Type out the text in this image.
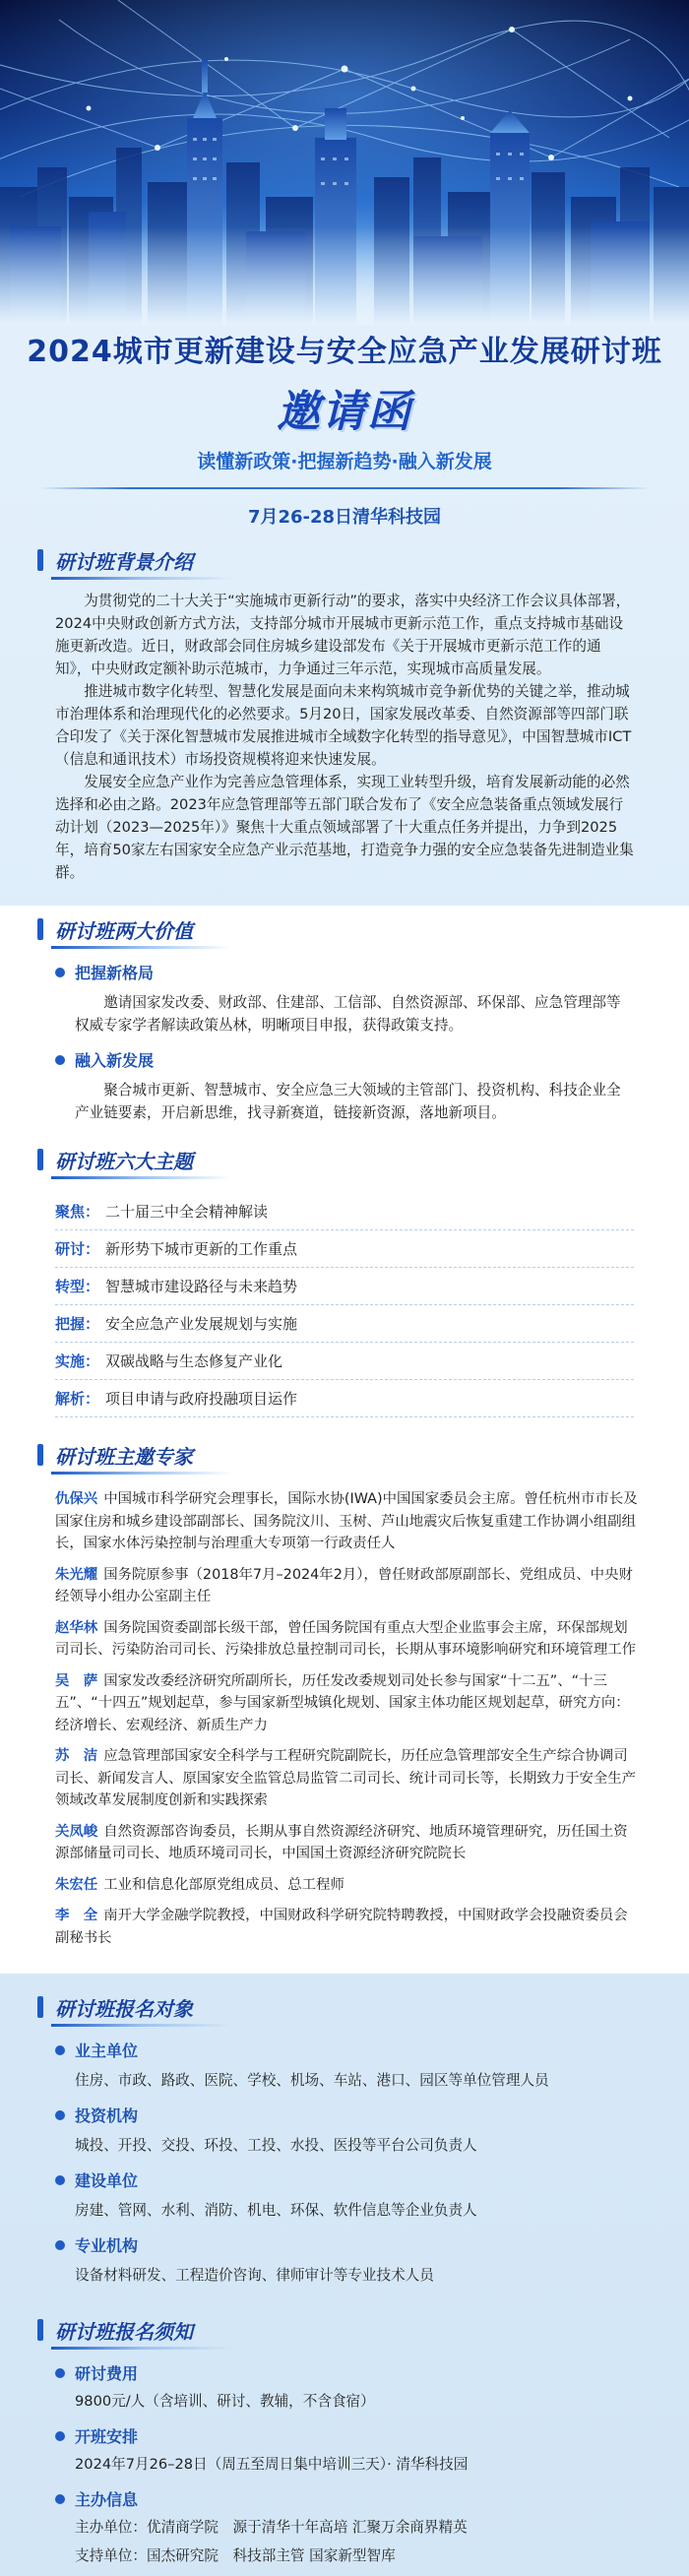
2024城市更新建设与安全应急产业发展研讨班
邀请函
读懂新政策·把握新趋势·融入新发展
7月26-28日清华科技园
研讨班背景介绍

为贯彻党的二十大关于“实施城市更新行动”的要求，落实中央经济工作会议具体部署，2024中央财政创新方式方法，支持部分城市开展城市更新示范工作，重点支持城市基础设施更新改造。近日，财政部会同住房城乡建设部发布《关于开展城市更新示范工作的通知》，中央财政定额补助示范城市，力争通过三年示范，实现城市高质量发展。

推进城市数字化转型、智慧化发展是面向未来构筑城市竞争新优势的关键之举，推动城市治理体系和治理现代化的必然要求。5月20日，国家发展改革委、自然资源部等四部门联合印发了《关于深化智慧城市发展推进城市全域数字化转型的指导意见》，中国智慧城市ICT（信息和通讯技术）市场投资规模将迎来快速发展。

发展安全应急产业作为完善应急管理体系，实现工业转型升级，培育发展新动能的必然选择和必由之路。2023年应急管理部等五部门联合发布了《安全应急装备重点领域发展行动计划（2023—2025年）》聚焦十大重点领域部署了十大重点任务并提出，力争到2025年，培育50家左右国家安全应急产业示范基地，打造竞争力强的安全应急装备先进制造业集群。

研讨班两大价值
把握新格局

邀请国家发改委、财政部、住建部、工信部、自然资源部、环保部、应急管理部等权威专家学者解读政策丛林，明晰项目申报，获得政策支持。

融入新发展

聚合城市更新、智慧城市、安全应急三大领域的主管部门、投资机构、科技企业全产业链要素，开启新思维，找寻新赛道，链接新资源，落地新项目。

研讨班六大主题
聚焦： 二十届三中全会精神解读
研讨： 新形势下城市更新的工作重点
转型： 智慧城市建设路径与未来趋势
把握： 安全应急产业发展规划与实施
实施： 双碳战略与生态修复产业化
解析： 项目申请与政府投融项目运作
研讨班主邀专家

仇保兴 中国城市科学研究会理事长，国际水协(IWA)中国国家委员会主席。曾任杭州市市长及国家住房和城乡建设部副部长、国务院汶川、玉树、芦山地震灾后恢复重建工作协调小组副组长，国家水体污染控制与治理重大专项第一行政责任人

朱光耀 国务院原参事（2018年7月–2024年2月），曾任财政部原副部长、党组成员、中央财经领导小组办公室副主任

赵华林 国务院国资委副部长级干部，曾任国务院国有重点大型企业监事会主席，环保部规划司司长、污染防治司司长、污染排放总量控制司司长，长期从事环境影响研究和环境管理工作

吴　萨 国家发改委经济研究所副所长，历任发改委规划司处长参与国家“十二五”、“十三五”、“十四五”规划起草，参与国家新型城镇化规划、国家主体功能区规划起草，研究方向：经济增长、宏观经济、新质生产力

苏　洁 应急管理部国家安全科学与工程研究院副院长，历任应急管理部安全生产综合协调司司长、新闻发言人、原国家安全监管总局监管二司司长、统计司司长等，长期致力于安全生产领域改革发展制度创新和实践探索

关凤峻 自然资源部咨询委员，长期从事自然资源经济研究、地质环境管理研究，历任国土资源部储量司司长、地质环境司司长，中国国土资源经济研究院院长

朱宏任 工业和信息化部原党组成员、总工程师

李　全 南开大学金融学院教授，中国财政科学研究院特聘教授，中国财政学会投融资委员会副秘书长

研讨班报名对象
业主单位

住房、市政、路政、医院、学校、机场、车站、港口、园区等单位管理人员

投资机构

城投、开投、交投、环投、工投、水投、医投等平台公司负责人

建设单位

房建、管网、水利、消防、机电、环保、软件信息等企业负责人

专业机构

设备材料研发、工程造价咨询、律师审计等专业技术人员

研讨班报名须知
研讨费用

9800元/人（含培训、研讨、教辅，不含食宿）

开班安排

2024年7月26–28日（周五至周日集中培训三天）· 清华科技园

主办信息

主办单位：优清商学院　源于清华十年高培 汇聚万余商界精英

支持单位：国杰研究院　科技部主管 国家新型智库
